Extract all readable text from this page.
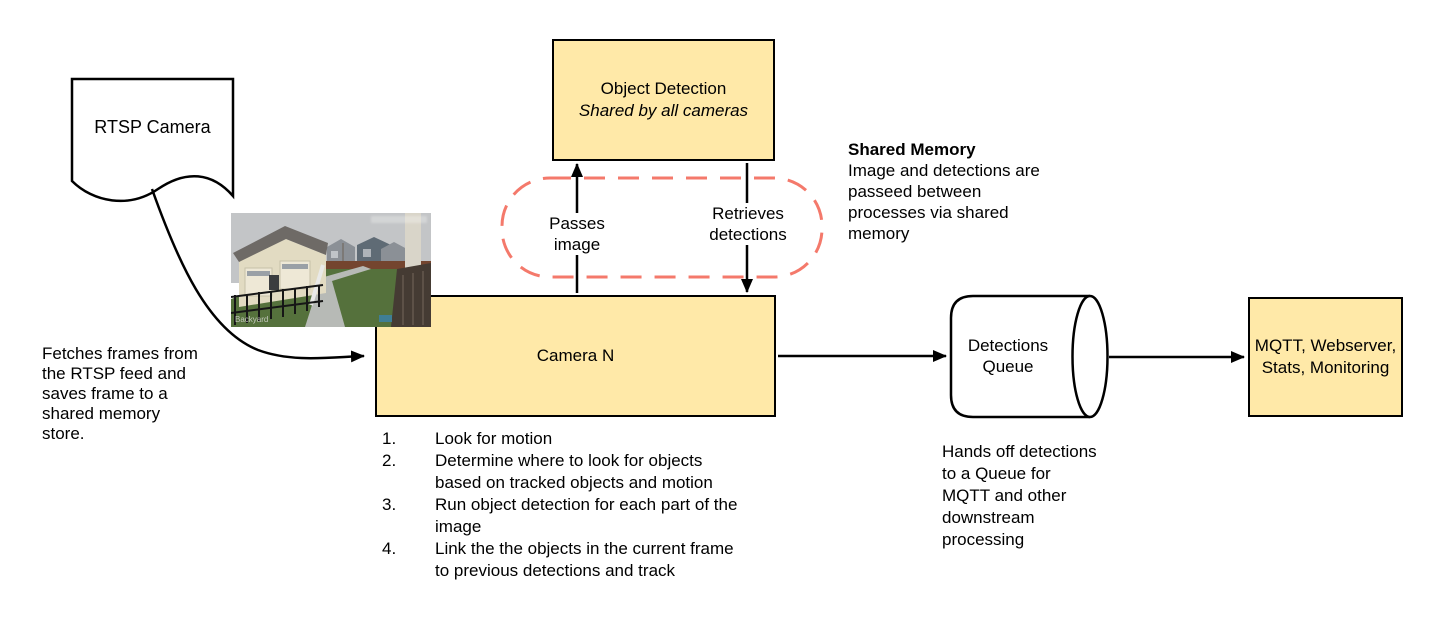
Object Detection
Shared by all cameras
Camera N
MQTT, Webserver, Stats, Monitoring
RTSP Camera
Detections Queue
Passes
image
Retrieves
detections
Fetches frames from
the RTSP feed and
saves frame to a
shared memory
store.
Shared Memory
Image and detections are
passeed between
processes via shared
memory
Hands off detections
to a Queue for
MQTT and other
downstream
processing
1.	Look for motion
2.	Determine where to look for objects
based on tracked objects and motion
3.	Run object detection for each part of the
image
4.	Link the the objects in the current frame
to previous detections and track
Backyard
